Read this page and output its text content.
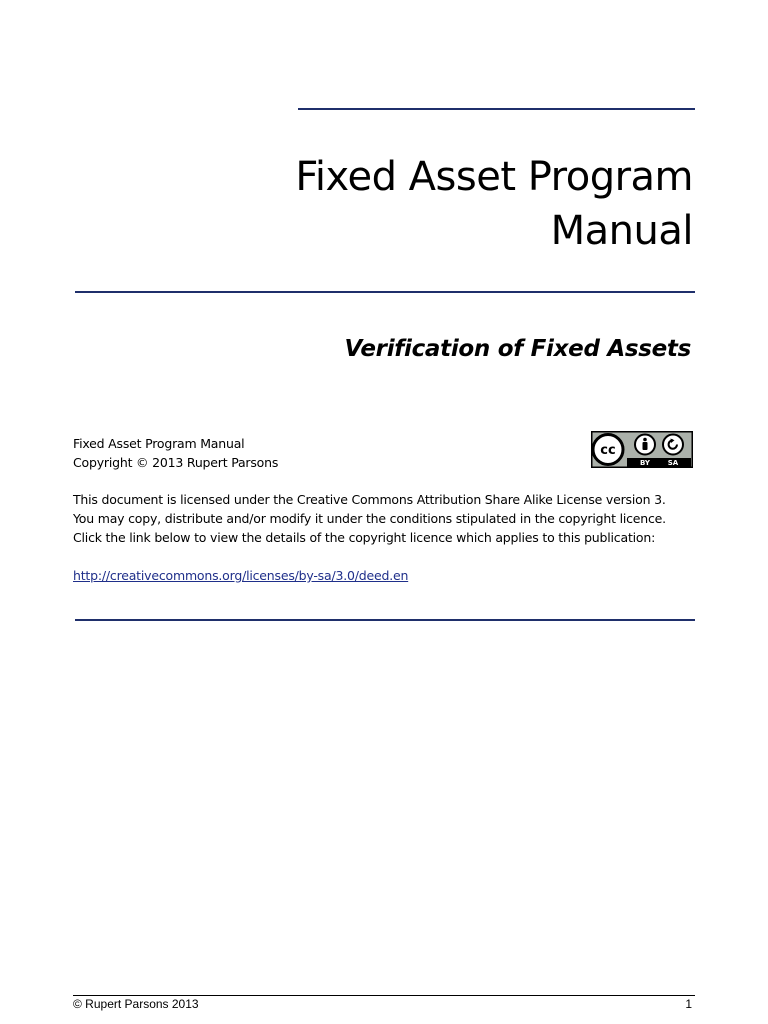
Fixed Asset Program
Manual
Verification of Fixed Assets

Fixed Asset Program Manual

Copyright © 2013 Rupert Parsons

cc
BY	SA

This document is licensed under the Creative Commons Attribution Share Alike License version 3.

You may copy, distribute and/or modify it under the conditions stipulated in the copyright licence.

Click the link below to view the details of the copyright licence which applies to this publication:

http://creativecommons.org/licenses/by-sa/3.0/deed.en
© Rupert Parsons 2013	1
